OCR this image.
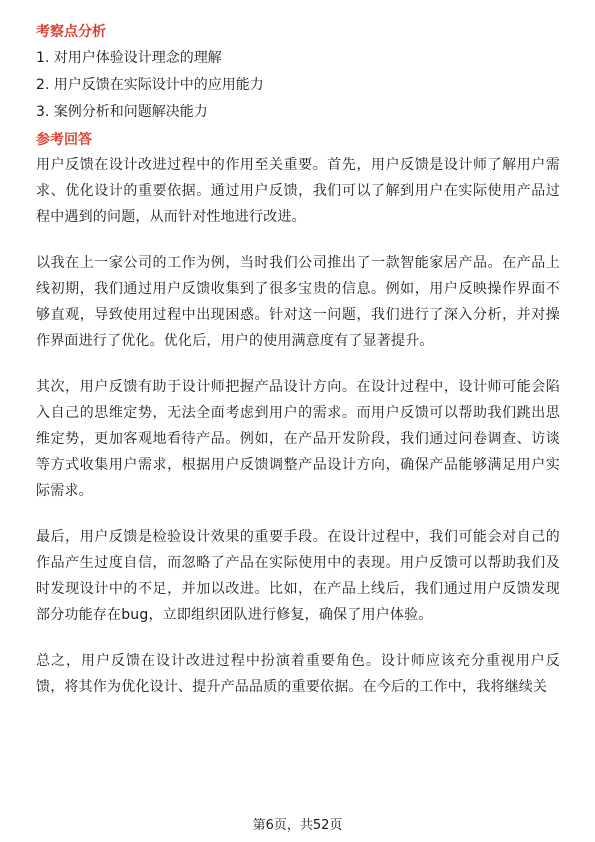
考察点分析
1. 对用户体验设计理念的理解
2. 用户反馈在实际设计中的应用能力
3. 案例分析和问题解决能力
参考回答

用户反馈在设计改进过程中的作用至关重要。首先，用户反馈是设计师了解用户需求、优化设计的重要依据。通过用户反馈，我们可以了解到用户在实际使用产品过程中遇到的问题，从而针对性地进行改进。

以我在上一家公司的工作为例，当时我们公司推出了一款智能家居产品。在产品上线初期，我们通过用户反馈收集到了很多宝贵的信息。例如，用户反映操作界面不够直观，导致使用过程中出现困惑。针对这一问题，我们进行了深入分析，并对操作界面进行了优化。优化后，用户的使用满意度有了显著提升。

其次，用户反馈有助于设计师把握产品设计方向。在设计过程中，设计师可能会陷入自己的思维定势，无法全面考虑到用户的需求。而用户反馈可以帮助我们跳出思维定势，更加客观地看待产品。例如，在产品开发阶段，我们通过问卷调查、访谈等方式收集用户需求，根据用户反馈调整产品设计方向，确保产品能够满足用户实际需求。

最后，用户反馈是检验设计效果的重要手段。在设计过程中，我们可能会对自己的作品产生过度自信，而忽略了产品在实际使用中的表现。用户反馈可以帮助我们及时发现设计中的不足，并加以改进。比如，在产品上线后，我们通过用户反馈发现部分功能存在bug，立即组织团队进行修复，确保了用户体验。

总之，用户反馈在设计改进过程中扮演着重要角色。设计师应该充分重视用户反馈，将其作为优化设计、提升产品品质的重要依据。在今后的工作中，我将继续关

第6页，共52页
